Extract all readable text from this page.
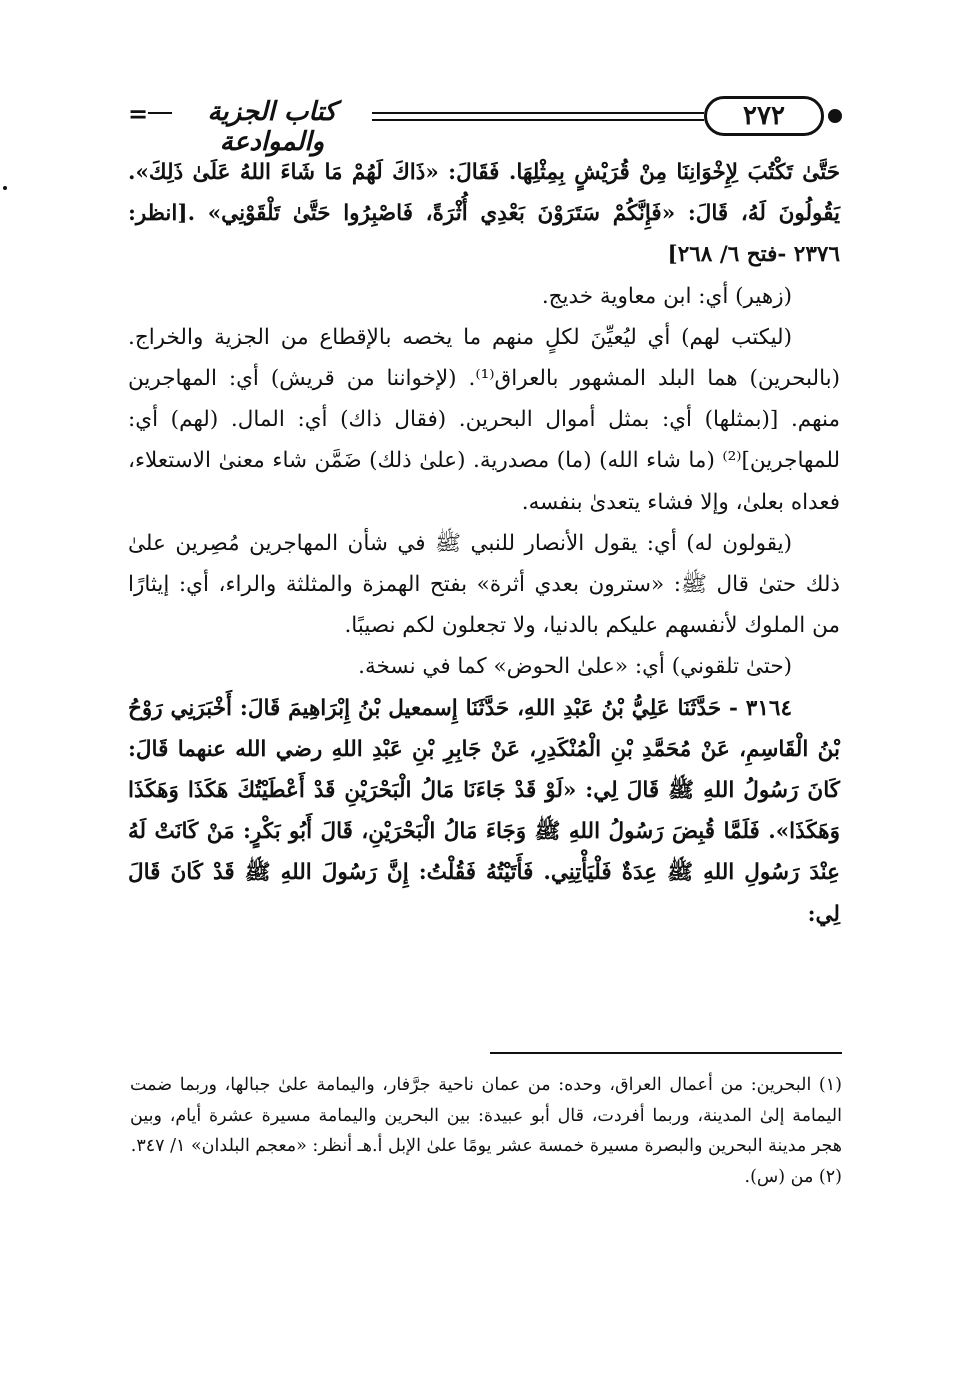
٢٧٢
كتاب الجزية والموادعة
=

حَتَّىٰ تَكْتُبَ لِإِخْوَانِنَا مِنْ قُرَيْشٍ بِمِثْلِهَا. فَقَالَ: «ذَاكَ لَهُمْ مَا شَاءَ اللهُ عَلَىٰ ذَلِكَ». يَقُولُونَ لَهُ، قَالَ: «فَإِنَّكُمْ سَتَرَوْنَ بَعْدِي أُثْرَةً، فَاصْبِرُوا حَتَّىٰ تَلْقَوْنِي» .[انظر: ٢٣٧٦ -فتح ٦/ ٢٦٨]

(زهير) أي: ابن معاوية خديج.

(ليكتب لهم) أي ليُعيِّنَ لكلٍ منهم ما يخصه بالإقطاع من الجزية والخراج. (بالبحرين) هما البلد المشهور بالعراق⁽¹⁾. (لإخواننا من قريش) أي: المهاجرين منهم. [(بمثلها) أي: بمثل أموال البحرين. (فقال ذاك) أي: المال. (لهم) أي: للمهاجرين]⁽²⁾ (ما شاء الله) (ما) مصدرية. (علىٰ ذلك) ضَمَّن شاء معنىٰ الاستعلاء، فعداه بعلىٰ، وإلا فشاء يتعدىٰ بنفسه.

(يقولون له) أي: يقول الأنصار للنبي ﷺ في شأن المهاجرين مُصِرين علىٰ ذلك حتىٰ قال ﷺ: «سترون بعدي أثرة» بفتح الهمزة والمثلثة والراء، أي: إيثارًا من الملوك لأنفسهم عليكم بالدنيا، ولا تجعلون لكم نصيبًا.

(حتىٰ تلقوني) أي: «علىٰ الحوض» كما في نسخة.

٣١٦٤ - حَدَّثَنَا عَلِيُّ بْنُ عَبْدِ اللهِ، حَدَّثَنَا إِسمعيل بْنُ إِبْرَاهِيمَ قَالَ: أَخْبَرَنِي رَوْحُ بْنُ الْقَاسِمِ، عَنْ مُحَمَّدِ بْنِ الْمُنْكَدِرِ، عَنْ جَابِرِ بْنِ عَبْدِ اللهِ رضي الله عنهما قَالَ: كَانَ رَسُولُ اللهِ ﷺ قَالَ لِي: «لَوْ قَدْ جَاءَنَا مَالُ الْبَحْرَيْنِ قَدْ أَعْطَيْتُكَ هَكَذَا وَهَكَذَا وَهَكَذَا». فَلَمَّا قُبِضَ رَسُولُ اللهِ ﷺ وَجَاءَ مَالُ الْبَحْرَيْنِ، قَالَ أَبُو بَكْرٍ: مَنْ كَانَتْ لَهُ عِنْدَ رَسُولِ اللهِ ﷺ عِدَةٌ فَلْيَأْتِنِي. فَأَتَيْتُهُ فَقُلْتُ: إِنَّ رَسُولَ اللهِ ﷺ قَدْ كَانَ قَالَ لِي:

(١) البحرين: من أعمال العراق، وحده: من عمان ناحية جرَّفار، واليمامة علىٰ جبالها، وربما ضمت اليمامة إلىٰ المدينة، وربما أفردت، قال أبو عبيدة: بين البحرين واليمامة مسيرة عشرة أيام، وبين هجر مدينة البحرين والبصرة مسيرة خمسة عشر يومًا علىٰ الإبل أ.هـ أنظر: «معجم البلدان» ١/ ٣٤٧.

(٢) من (س).
